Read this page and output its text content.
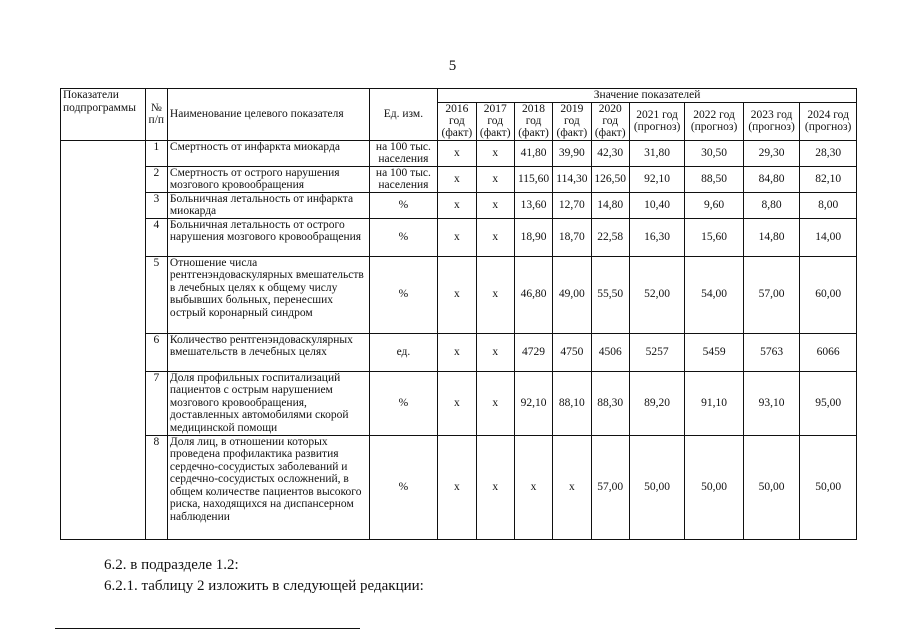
5
Показатели подпрограммы	№ п/п	Наименование целевого показателя	Ед. изм.	Значение показателей								
				2016 год (факт)	2017 год (факт)	2018 год (факт)	2019 год (факт)	2020 год (факт)	2021 год (прогноз)	2022 год (прогноз)	2023 год (прогноз)	2024 год (прогноз)
	1	Смертность от инфаркта миокарда	на 100 тыс. населения	x	x	41,80	39,90	42,30	31,80	30,50	29,30	28,30
	2	Смертность от острого нарушения мозгового кровообращения	на 100 тыс. населения	x	x	115,60	114,30	126,50	92,10	88,50	84,80	82,10
	3	Больничная летальность от инфаркта миокарда	%	x	x	13,60	12,70	14,80	10,40	9,60	8,80	8,00
	4	Больничная летальность от острого нарушения мозгового кровообращения	%	x	x	18,90	18,70	22,58	16,30	15,60	14,80	14,00
	5	Отношение числа рентгенэндоваскулярных вмешательств в лечебных целях к общему числу выбывших больных, перенесших острый коронарный синдром	%	x	x	46,80	49,00	55,50	52,00	54,00	57,00	60,00
	6	Количество рентгенэндоваскулярных вмешательств в лечебных целях	ед.	x	x	4729	4750	4506	5257	5459	5763	6066
	7	Доля профильных госпитализаций пациентов с острым нарушением мозгового кровообращения, доставленных автомобилями скорой медицинской помощи	%	x	x	92,10	88,10	88,30	89,20	91,10	93,10	95,00
	8	Доля лиц, в отношении которых проведена профилактика развития сердечно-сосудистых заболеваний и сердечно-сосудистых осложнений, в общем количестве пациентов высокого риска, находящихся на диспансерном наблюдении	%	x	x	x	x	57,00	50,00	50,00	50,00	50,00
6.2. в подразделе 1.2:
6.2.1. таблицу 2 изложить в следующей редакции:
